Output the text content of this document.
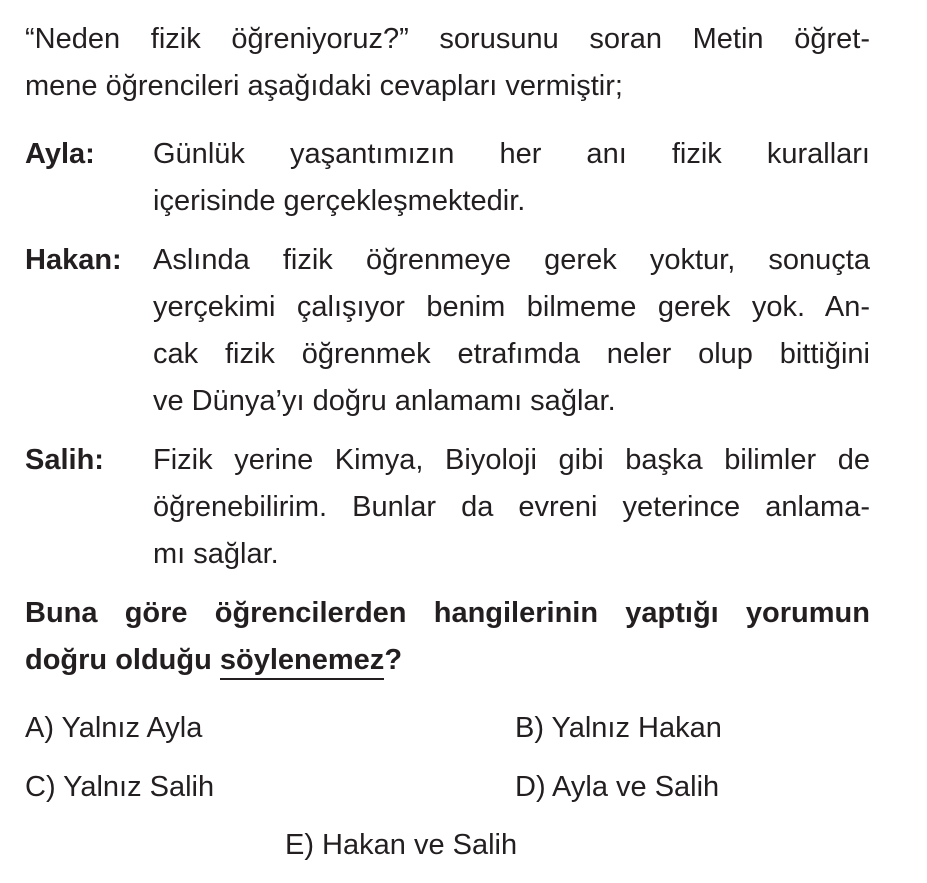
“Neden fizik öğreniyoruz?” sorusunu soran Metin öğret-
mene öğrencileri aşağıdaki cevapları vermiştir;
Ayla: Günlük yaşantımızın her anı fizik kuralları
içerisinde gerçekleşmektedir.
Hakan: Aslında fizik öğrenmeye gerek yoktur, sonuçta
yerçekimi çalışıyor benim bilmeme gerek yok. An-
cak fizik öğrenmek etrafımda neler olup bittiğini
ve Dünya’yı doğru anlamamı sağlar.
Salih: Fizik yerine Kimya, Biyoloji gibi başka bilimler de
öğrenebilirim. Bunlar da evreni yeterince anlama-
mı sağlar.
Buna göre öğrencilerden hangilerinin yaptığı yorumun
doğru olduğu söylenemez?
A) Yalnız Ayla	B) Yalnız Hakan
C) Yalnız Salih	D) Ayla ve Salih
E) Hakan ve Salih
